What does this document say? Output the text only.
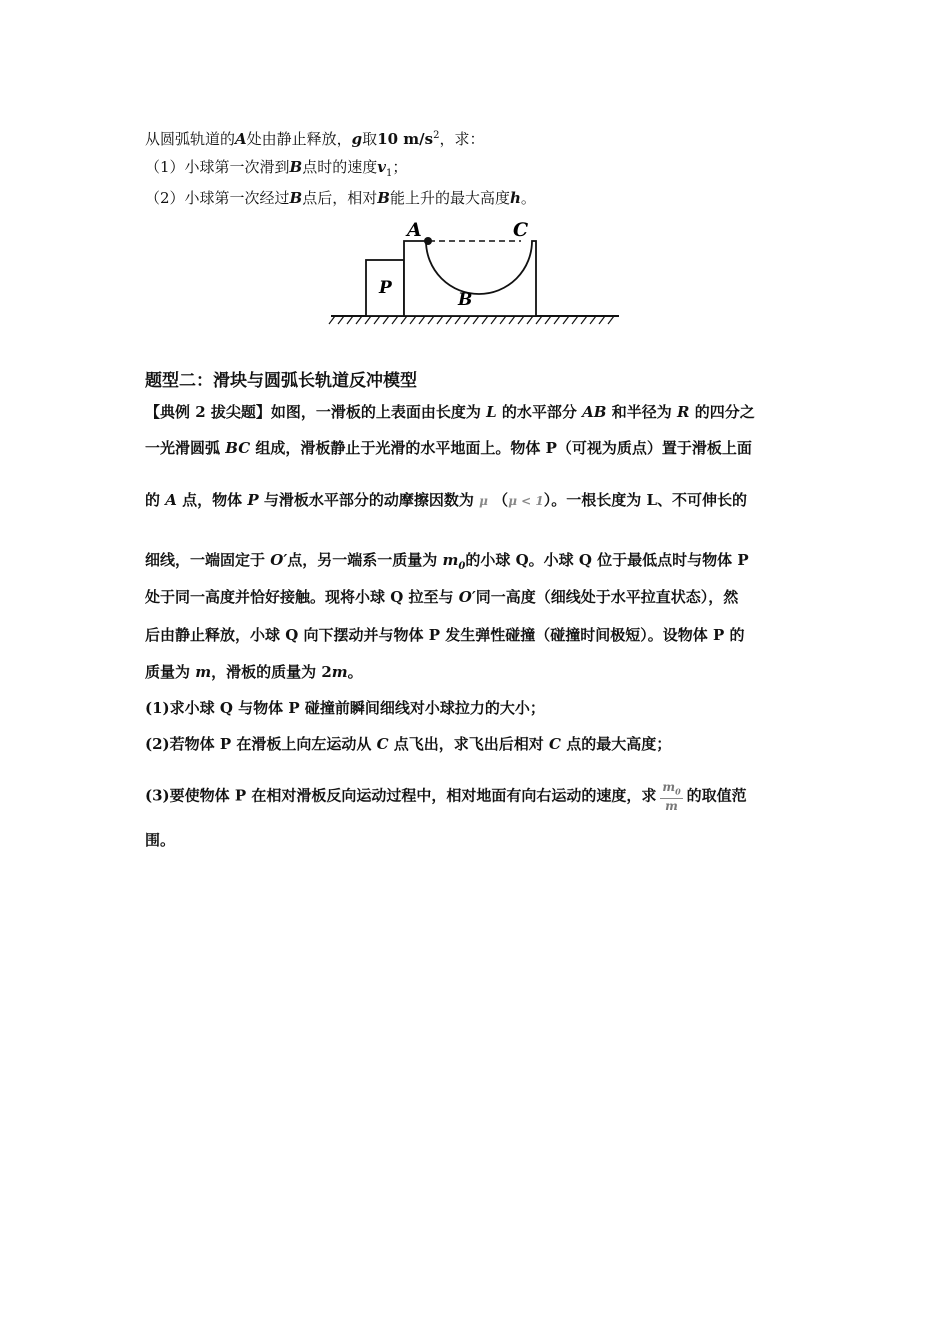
从圆弧轨道的A处由静止释放，g取10 $m/s^2$，求：
（1）小球第一次滑到B点时的速度$v_1$；
（2）小球第一次经过B点后，相对B能上升的最大高度h。
A	C
P
B
题型二：滑块与圆弧长轨道反冲模型
【典例 2 拔尖题】如图，一滑板的上表面由长度为 L 的水平部分 AB 和半径为 R 的四分之
一光滑圆弧 BC 组成，滑板静止于光滑的水平地面上。物体 P（可视为质点）置于滑板上面
的 A 点，物体 P 与滑板水平部分的动摩擦因数为 μ （μ < 1）。一根长度为 L、不可伸长的
细线，一端固定于 O′点，另一端系一质量为 $m_0$的小球 Q。小球 Q 位于最低点时与物体 P
处于同一高度并恰好接触。现将小球 Q 拉至与 O′同一高度（细线处于水平拉直状态），然
后由静止释放，小球 Q 向下摆动并与物体 P 发生弹性碰撞（碰撞时间极短）。设物体 P 的
质量为 m，滑板的质量为 2m。
(1)求小球 Q 与物体 P 碰撞前瞬间细线对小球拉力的大小；
(2)若物体 P 在滑板上向左运动从 C 点飞出，求飞出后相对 C 点的最大高度；
(3)要使物体 P 在相对滑板反向运动过程中，相对地面有向右运动的速度，求 $\frac{m_0}{m}$ 的取值范
围。
